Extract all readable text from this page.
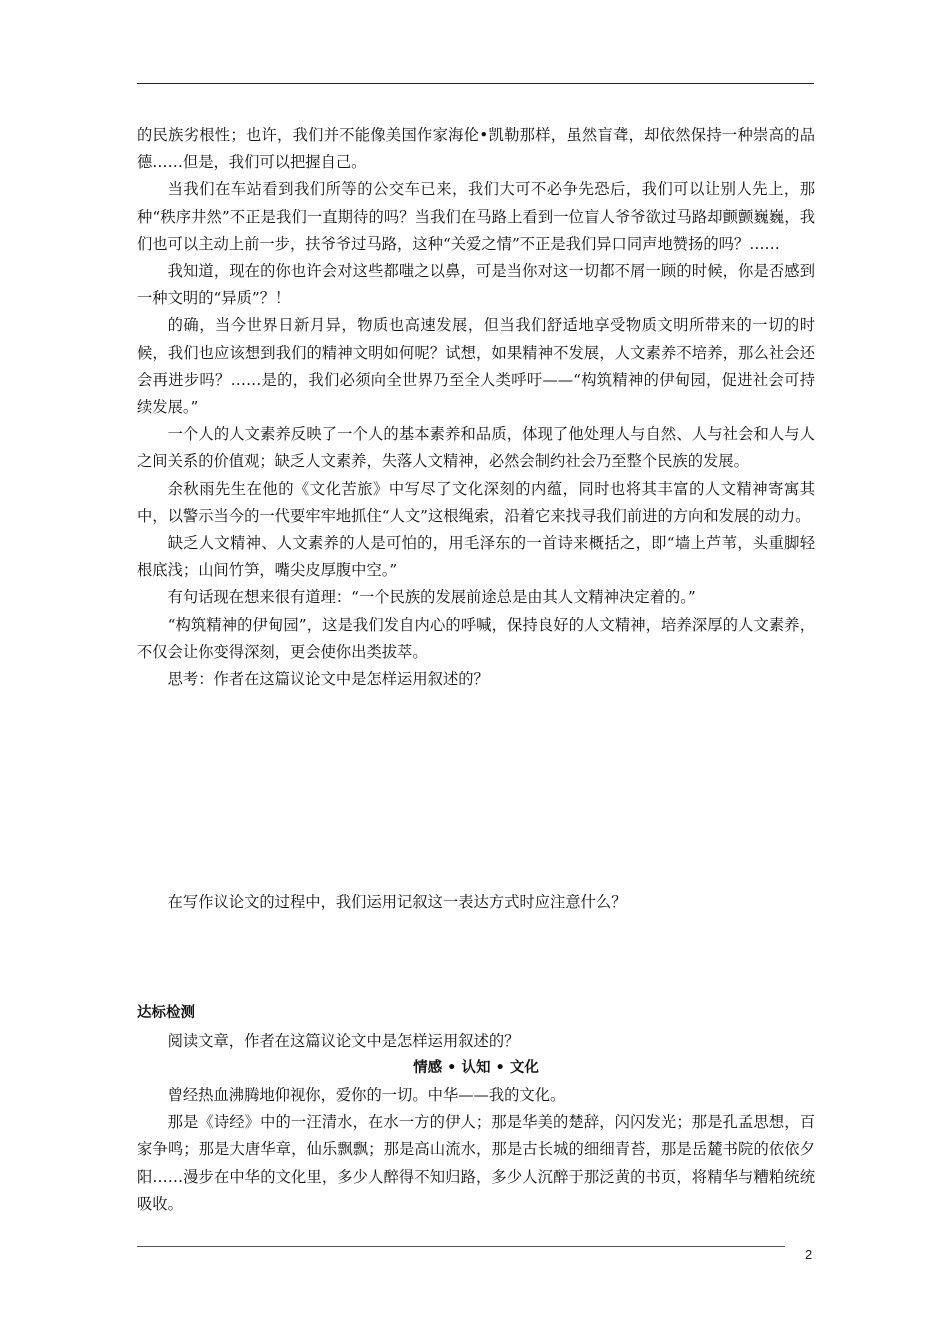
的民族劣根性；也许，我们并不能像美国作家海伦•凯勒那样，虽然盲聋，却依然保持一种崇高的品德……但是，我们可以把握自己。

当我们在车站看到我们所等的公交车已来，我们大可不必争先恐后，我们可以让别人先上，那种“秩序井然”不正是我们一直期待的吗？当我们在马路上看到一位盲人爷爷欲过马路却颤颤巍巍，我们也可以主动上前一步，扶爷爷过马路，这种“关爱之情”不正是我们异口同声地赞扬的吗？……

我知道，现在的你也许会对这些都嗤之以鼻，可是当你对这一切都不屑一顾的时候，你是否感到一种文明的“异质”？！

的确，当今世界日新月异，物质也高速发展，但当我们舒适地享受物质文明所带来的一切的时候，我们也应该想到我们的精神文明如何呢？试想，如果精神不发展，人文素养不培养，那么社会还会再进步吗？……是的，我们必须向全世界乃至全人类呼吁——“构筑精神的伊甸园，促进社会可持续发展。”

一个人的人文素养反映了一个人的基本素养和品质，体现了他处理人与自然、人与社会和人与人之间关系的价值观；缺乏人文素养，失落人文精神，必然会制约社会乃至整个民族的发展。

余秋雨先生在他的《文化苦旅》中写尽了文化深刻的内蕴，同时也将其丰富的人文精神寄寓其中，以警示当今的一代要牢牢地抓住“人文”这根绳索，沿着它来找寻我们前进的方向和发展的动力。

缺乏人文精神、人文素养的人是可怕的，用毛泽东的一首诗来概括之，即“墙上芦苇，头重脚轻根底浅；山间竹笋，嘴尖皮厚腹中空。”

有句话现在想来很有道理：“一个民族的发展前途总是由其人文精神决定着的。”

“构筑精神的伊甸园”，这是我们发自内心的呼喊，保持良好的人文精神，培养深厚的人文素养，不仅会让你变得深刻，更会使你出类拔萃。

思考：作者在这篇议论文中是怎样运用叙述的？

在写作议论文的过程中，我们运用记叙这一表达方式时应注意什么？

达标检测

阅读文章，作者在这篇议论文中是怎样运用叙述的？

情感 • 认知 • 文化

曾经热血沸腾地仰视你，爱你的一切。中华——我的文化。

那是《诗经》中的一汪清水，在水一方的伊人；那是华美的楚辞，闪闪发光；那是孔孟思想，百家争鸣；那是大唐华章，仙乐飘飘；那是高山流水，那是古长城的细细青苔，那是岳麓书院的依依夕阳……漫步在中华的文化里，多少人醉得不知归路，多少人沉醉于那泛黄的书页，将精华与糟粕统统吸收。

2
